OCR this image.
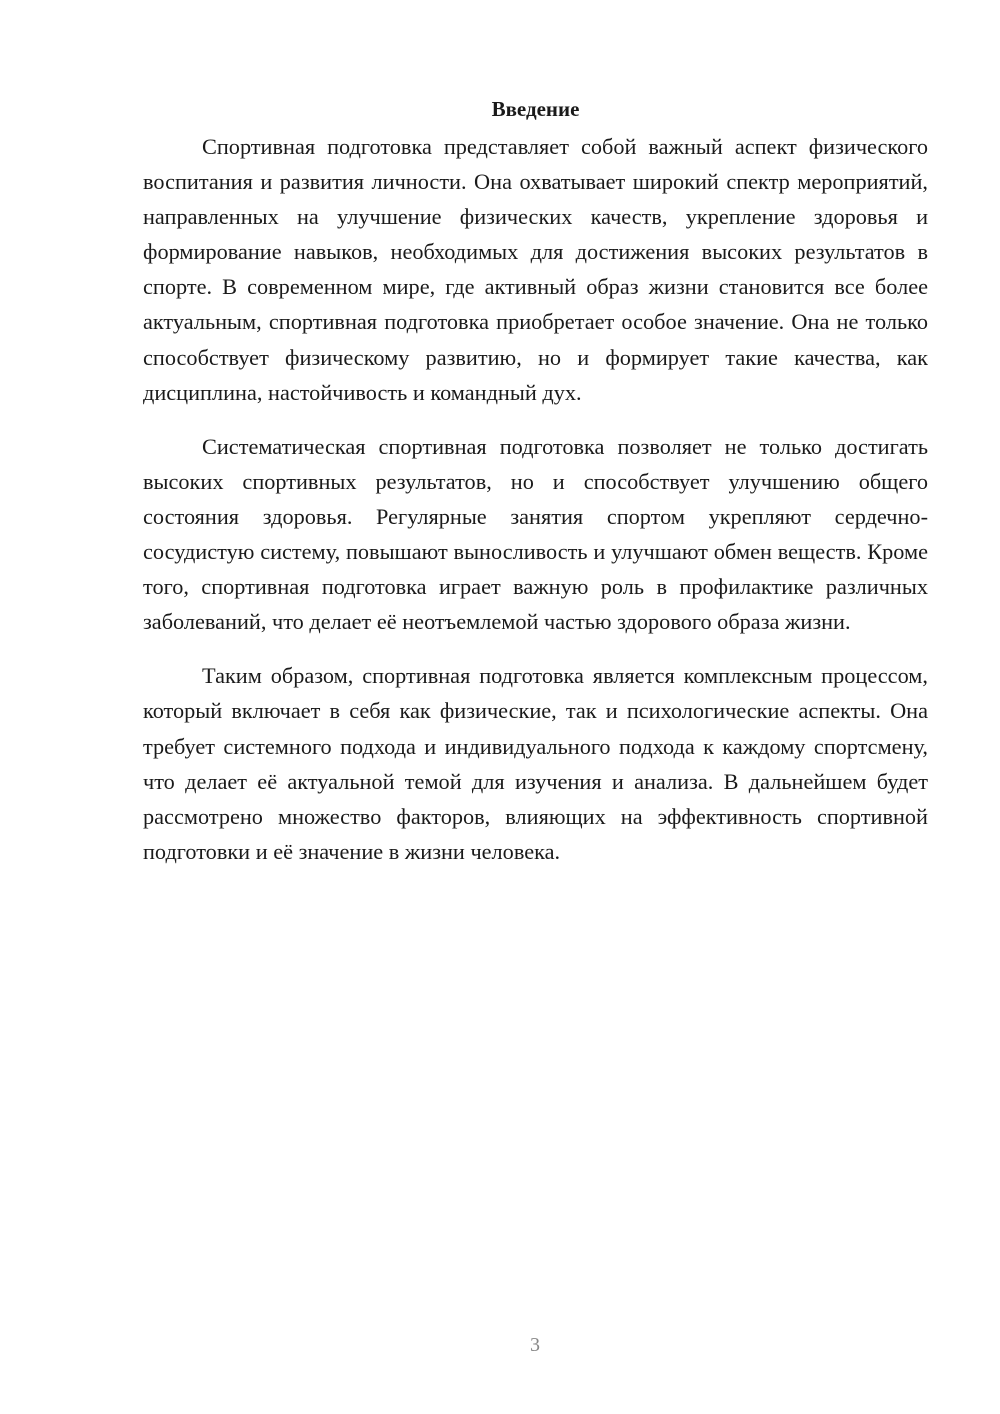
Введение

Спортивная подготовка представляет собой важный аспект физического воспитания и развития личности. Она охватывает широкий спектр мероприятий, направленных на улучшение физических качеств, укрепление здоровья и формирование навыков, необходимых для достижения высоких результатов в спорте. В современном мире, где активный образ жизни становится все более актуальным, спортивная подготовка приобретает особое значение. Она не только способствует физическому развитию, но и формирует такие качества, как дисциплина, настойчивость и командный дух.

Систематическая спортивная подготовка позволяет не только достигать высоких спортивных результатов, но и способствует улучшению общего состояния здоровья. Регулярные занятия спортом укрепляют сердечно-сосудистую систему, повышают выносливость и улучшают обмен веществ. Кроме того, спортивная подготовка играет важную роль в профилактике различных заболеваний, что делает её неотъемлемой частью здорового образа жизни.

Таким образом, спортивная подготовка является комплексным процессом, который включает в себя как физические, так и психологические аспекты. Она требует системного подхода и индивидуального подхода к каждому спортсмену, что делает её актуальной темой для изучения и анализа. В дальнейшем будет рассмотрено множество факторов, влияющих на эффективность спортивной подготовки и её значение в жизни человека.

3
